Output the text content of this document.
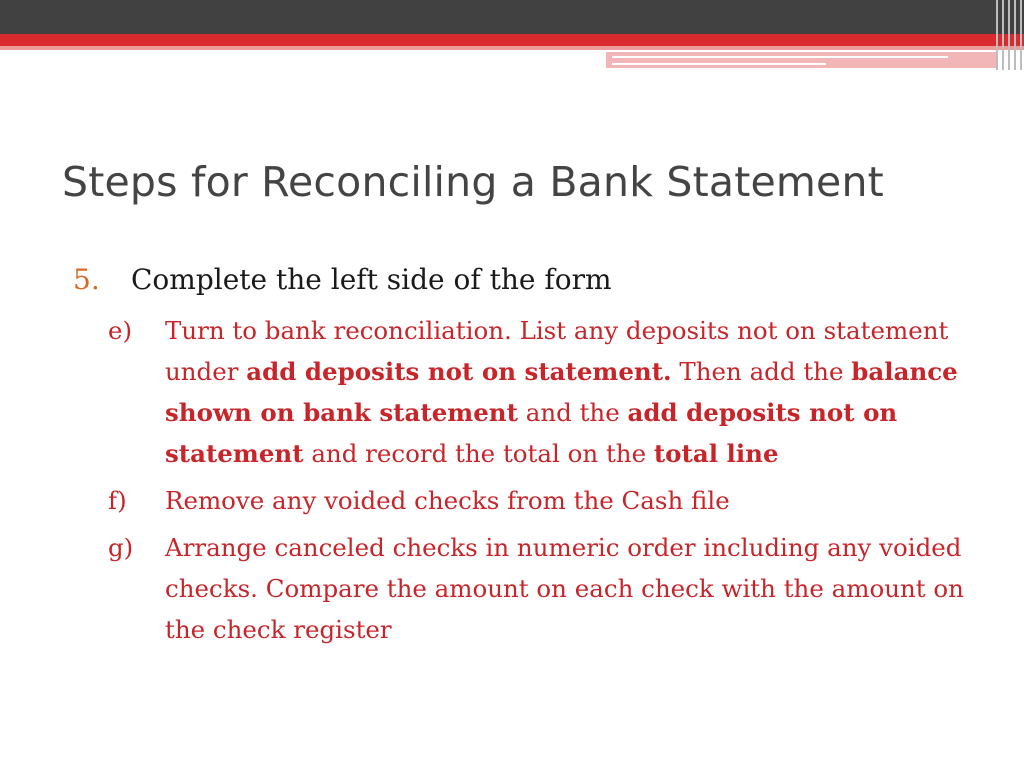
Steps for Reconciling a Bank Statement
5. Complete the left side of the form
e) Turn to bank reconciliation. List any deposits not on statement under add deposits not on statement. Then add the balance shown on bank statement and the add deposits not on statement and record the total on the total line
f) Remove any voided checks from the Cash file
g) Arrange canceled checks in numeric order including any voided checks. Compare the amount on each check with the amount on the check register
